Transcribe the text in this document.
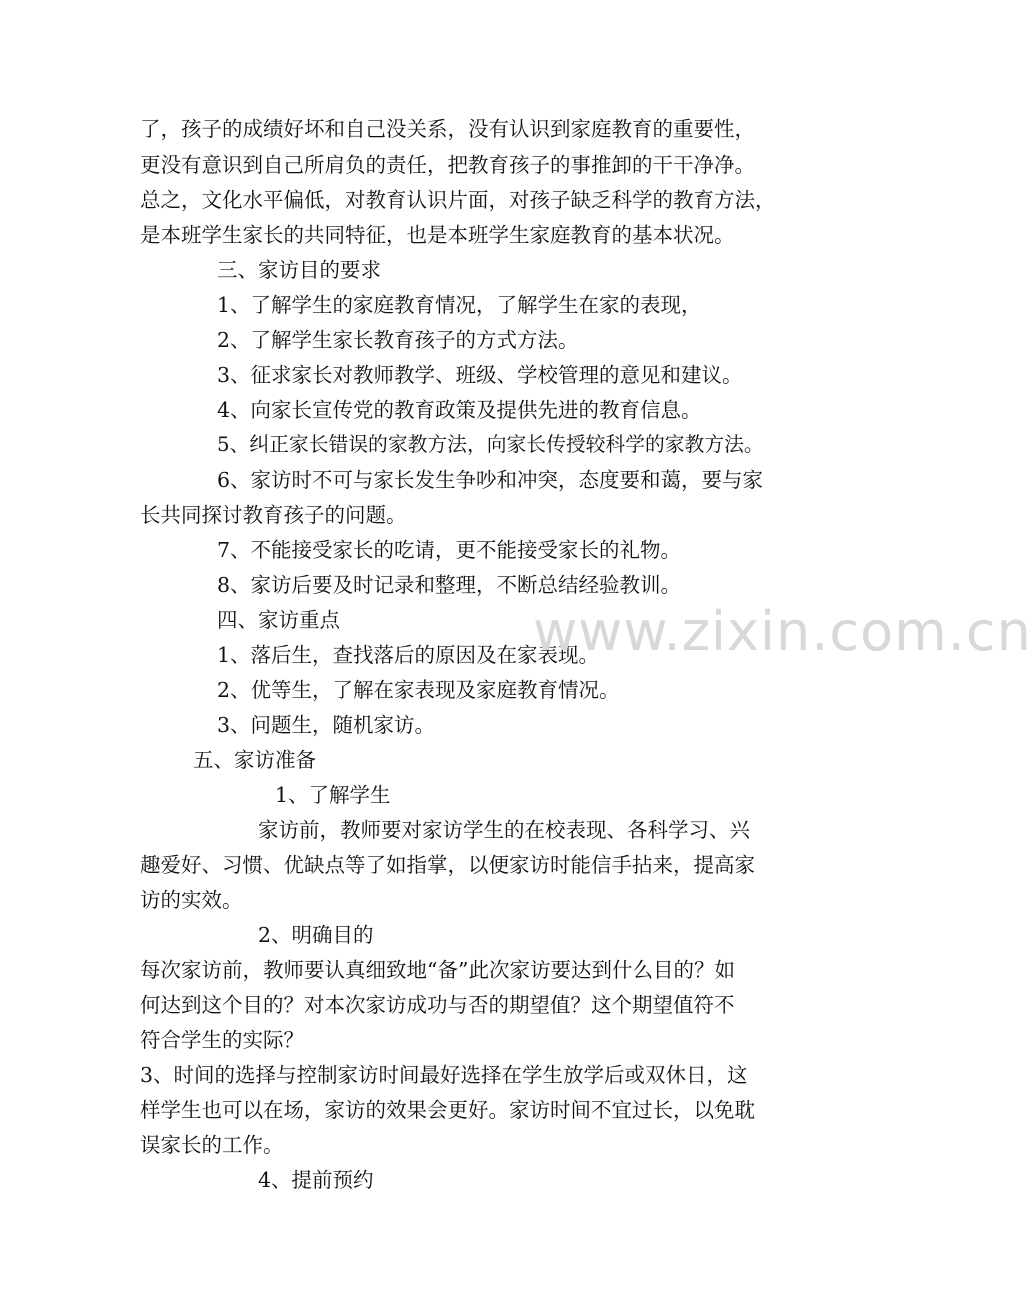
了，孩子的成绩好坏和自己没关系，没有认识到家庭教育的重要性，

更没有意识到自己所肩负的责任，把教育孩子的事推卸的干干净净。

总之，文化水平偏低，对教育认识片面，对孩子缺乏科学的教育方法，

是本班学生家长的共同特征，也是本班学生家庭教育的基本状况。

三、家访目的要求

1、了解学生的家庭教育情况，了解学生在家的表现，

2、了解学生家长教育孩子的方式方法。

3、征求家长对教师教学、班级、学校管理的意见和建议。

4、向家长宣传党的教育政策及提供先进的教育信息。

5、纠正家长错误的家教方法，向家长传授较科学的家教方法。

6、家访时不可与家长发生争吵和冲突，态度要和蔼，要与家

长共同探讨教育孩子的问题。

7、不能接受家长的吃请，更不能接受家长的礼物。

8、家访后要及时记录和整理，不断总结经验教训。

四、家访重点

1、落后生，查找落后的原因及在家表现。

2、优等生，了解在家表现及家庭教育情况。

3、问题生，随机家访。

五、家访准备

1、了解学生

家访前，教师要对家访学生的在校表现、各科学习、兴

趣爱好、习惯、优缺点等了如指掌，以便家访时能信手拈来，提高家

访的实效。

2、明确目的

每次家访前，教师要认真细致地“备”此次家访要达到什么目的？如

何达到这个目的？对本次家访成功与否的期望值？这个期望值符不

符合学生的实际？

3、时间的选择与控制家访时间最好选择在学生放学后或双休日，这

样学生也可以在场，家访的效果会更好。家访时间不宜过长，以免耽

误家长的工作。

4、提前预约

www.zixin.com.cn
